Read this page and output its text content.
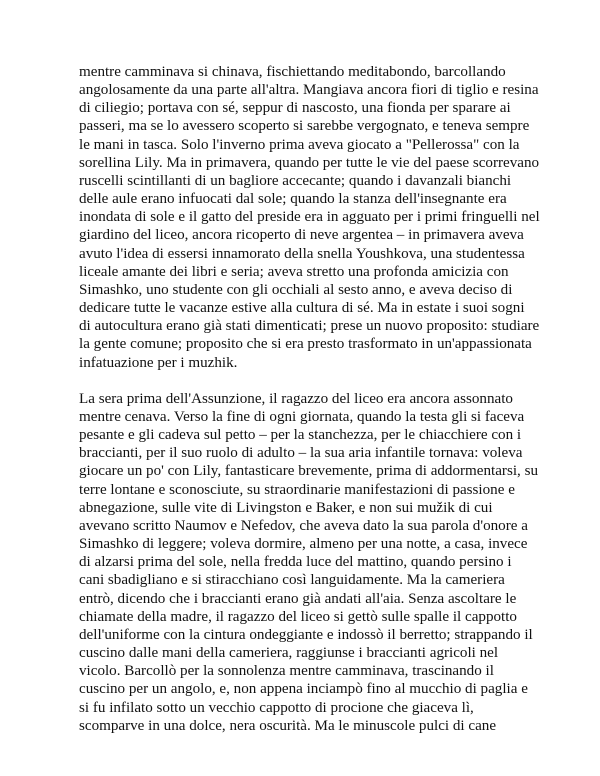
mentre camminava si chinava, fischiettando meditabondo, barcollando
angolosamente da una parte all'altra. Mangiava ancora fiori di tiglio e resina
di ciliegio; portava con sé, seppur di nascosto, una fionda per sparare ai
passeri, ma se lo avessero scoperto si sarebbe vergognato, e teneva sempre
le mani in tasca. Solo l'inverno prima aveva giocato a "Pellerossa" con la
sorellina Lily. Ma in primavera, quando per tutte le vie del paese scorrevano
ruscelli scintillanti di un bagliore accecante; quando i davanzali bianchi
delle aule erano infuocati dal sole; quando la stanza dell'insegnante era
inondata di sole e il gatto del preside era in agguato per i primi fringuelli nel
giardino del liceo, ancora ricoperto di neve argentea – in primavera aveva
avuto l'idea di essersi innamorato della snella Youshkova, una studentessa
liceale amante dei libri e seria; aveva stretto una profonda amicizia con
Simashko, uno studente con gli occhiali al sesto anno, e aveva deciso di
dedicare tutte le vacanze estive alla cultura di sé. Ma in estate i suoi sogni
di autocultura erano già stati dimenticati; prese un nuovo proposito: studiare
la gente comune; proposito che si era presto trasformato in un'appassionata
infatuazione per i muzhik.

La sera prima dell'Assunzione, il ragazzo del liceo era ancora assonnato
mentre cenava. Verso la fine di ogni giornata, quando la testa gli si faceva
pesante e gli cadeva sul petto – per la stanchezza, per le chiacchiere con i
braccianti, per il suo ruolo di adulto – la sua aria infantile tornava: voleva
giocare un po' con Lily, fantasticare brevemente, prima di addormentarsi, su
terre lontane e sconosciute, su straordinarie manifestazioni di passione e
abnegazione, sulle vite di Livingston e Baker, e non sui mužik di cui
avevano scritto Naumov e Nefedov, che aveva dato la sua parola d'onore a
Simashko di leggere; voleva dormire, almeno per una notte, a casa, invece
di alzarsi prima del sole, nella fredda luce del mattino, quando persino i
cani sbadigliano e si stiracchiano così languidamente. Ma la cameriera
entrò, dicendo che i braccianti erano già andati all'aia. Senza ascoltare le
chiamate della madre, il ragazzo del liceo si gettò sulle spalle il cappotto
dell'uniforme con la cintura ondeggiante e indossò il berretto; strappando il
cuscino dalle mani della cameriera, raggiunse i braccianti agricoli nel
vicolo. Barcollò per la sonnolenza mentre camminava, trascinando il
cuscino per un angolo, e, non appena inciampò fino al mucchio di paglia e
si fu infilato sotto un vecchio cappotto di procione che giaceva lì,
scomparve in una dolce, nera oscurità. Ma le minuscole pulci di cane
